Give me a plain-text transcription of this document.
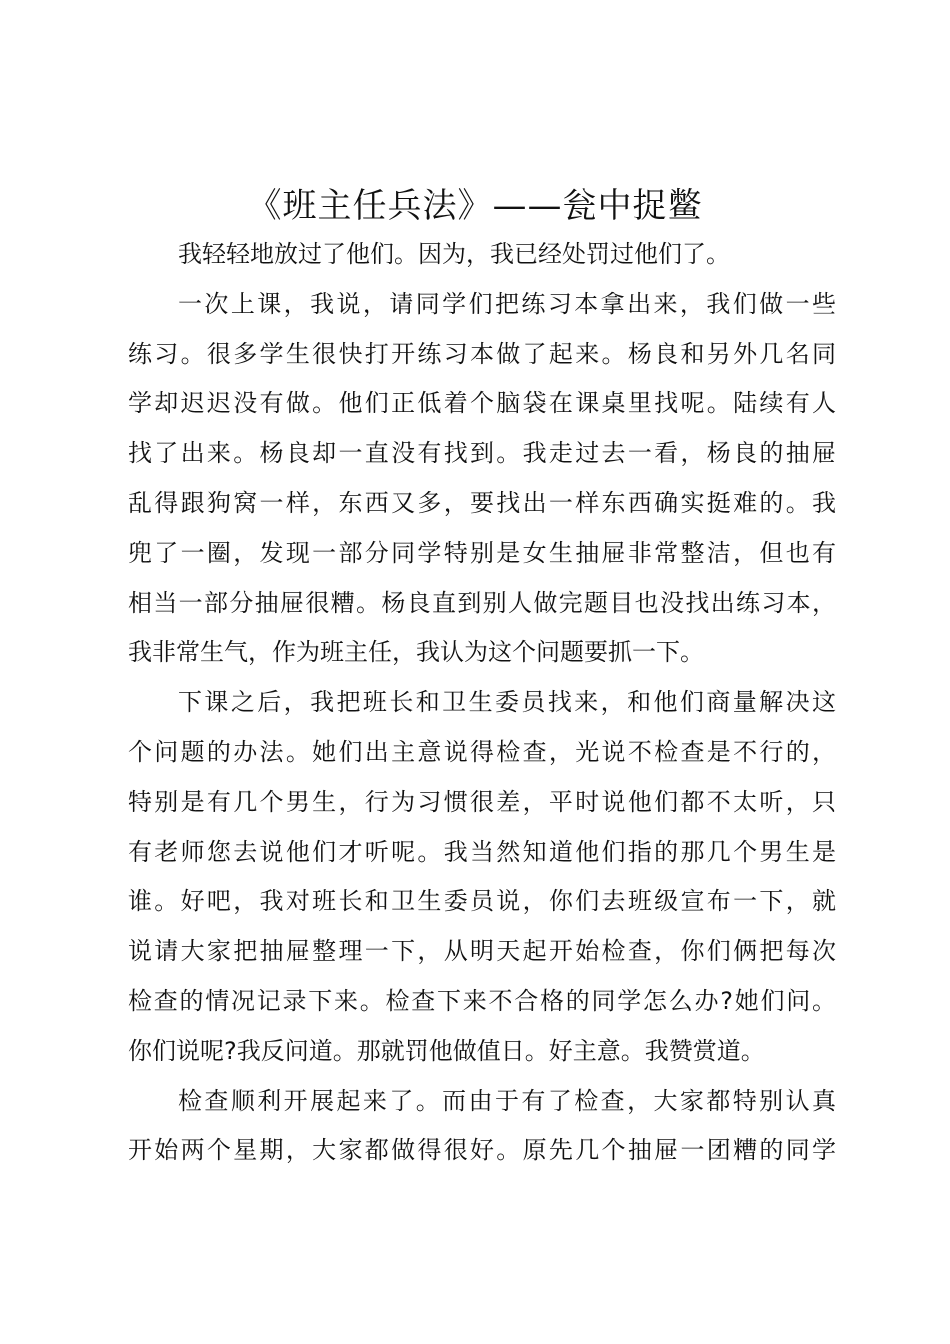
《班主任兵法》——瓮中捉鳖
我轻轻地放过了他们。因为，我已经处罚过他们了。
一次上课，我说，请同学们把练习本拿出来，我们做一些
练习。很多学生很快打开练习本做了起来。杨良和另外几名同
学却迟迟没有做。他们正低着个脑袋在课桌里找呢。陆续有人
找了出来。杨良却一直没有找到。我走过去一看，杨良的抽屉
乱得跟狗窝一样，东西又多，要找出一样东西确实挺难的。我
兜了一圈，发现一部分同学特别是女生抽屉非常整洁，但也有
相当一部分抽屉很糟。杨良直到别人做完题目也没找出练习本，
我非常生气，作为班主任，我认为这个问题要抓一下。
下课之后，我把班长和卫生委员找来，和他们商量解决这
个问题的办法。她们出主意说得检查，光说不检查是不行的，
特别是有几个男生，行为习惯很差，平时说他们都不太听，只
有老师您去说他们才听呢。我当然知道他们指的那几个男生是
谁。好吧，我对班长和卫生委员说，你们去班级宣布一下，就
说请大家把抽屉整理一下，从明天起开始检查，你们俩把每次
检查的情况记录下来。检查下来不合格的同学怎么办?她们问。
你们说呢?我反问道。那就罚他做值日。好主意。我赞赏道。
检查顺利开展起来了。而由于有了检查，大家都特别认真
开始两个星期，大家都做得很好。原先几个抽屉一团糟的同学
